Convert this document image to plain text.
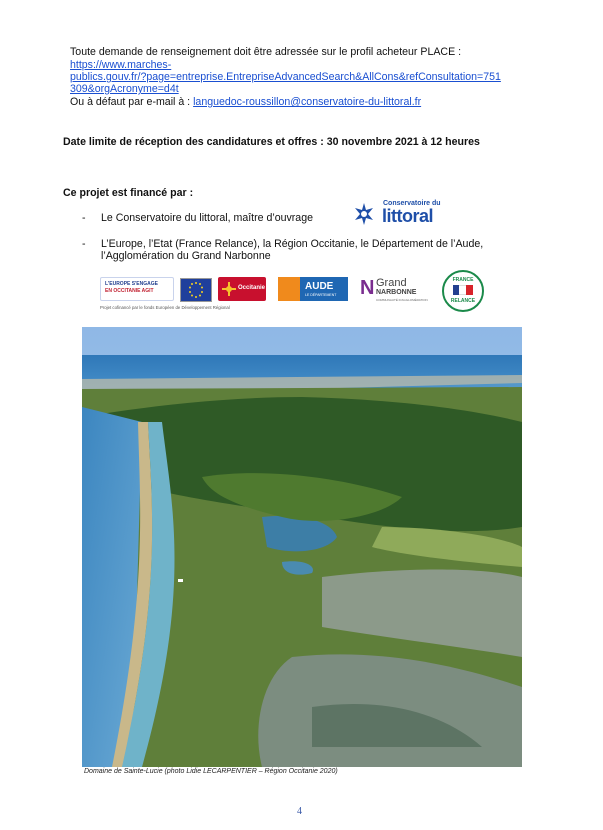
Toute demande de renseignement doit être adressée sur le profil acheteur PLACE :
https://www.marches-
publics.gouv.fr/?page=entreprise.EntrepriseAdvancedSearch&AllCons&refConsultation=751
309&orgAcronyme=d4t
Ou à défaut par e-mail à : languedoc-roussillon@conservatoire-du-littoral.fr
Date limite de réception des candidatures et offres : 30 novembre 2021 à 12 heures
Ce projet est financé par :
- Le Conservatoire du littoral, maître d’ouvrage
Conservatoire du
littoral
- L’Europe, l’Etat (France Relance), la Région Occitanie, le Département de l’Aude,
l’Agglomération du Grand Narbonne
L'EUROPE S'ENGAGE
EN OCCITANIE AGIT
Projet cofinancé par le fonds Européen de Développement Régional
Occitanie	AUDE
LE DÉPARTEMENT N Grand
NARBONNE
COMMUNAUTÉ D'AGGLOMÉRATION
FRANCE
RELANCE
Domaine de Sainte-Lucie (photo Lidie LECARPENTIER – Région Occitanie 2020)
4
